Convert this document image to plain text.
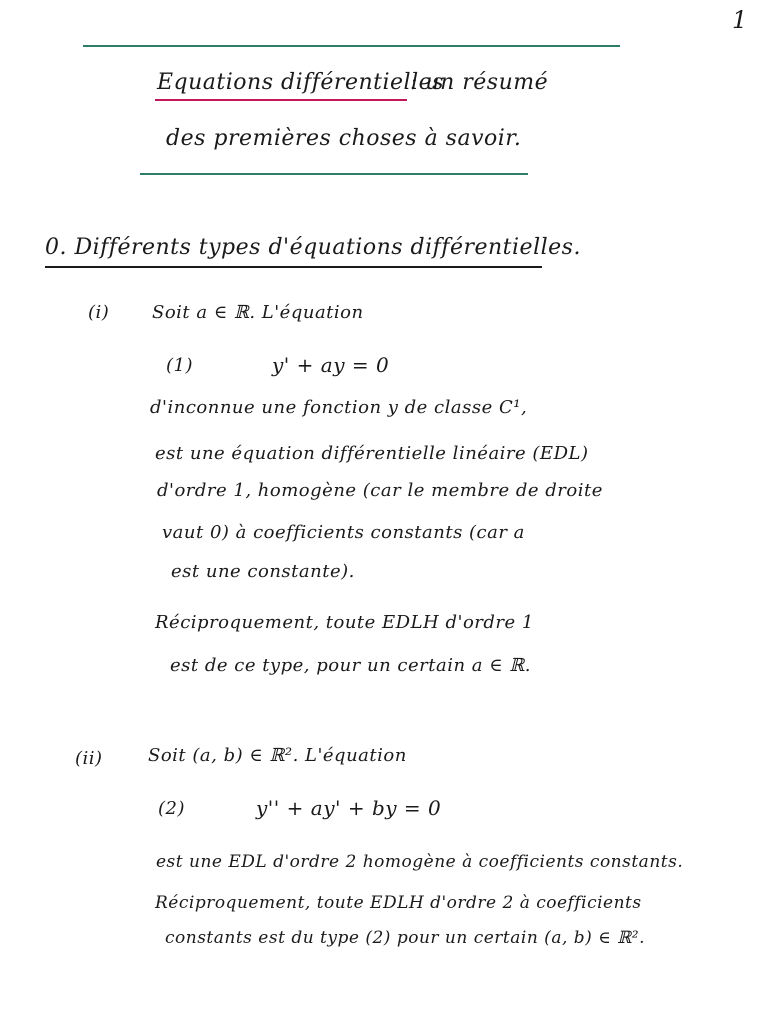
1
Equations différentielles
: un résumé
des premières choses à savoir.
0. Différents types d'équations différentielles.
(i) Soit a ∈ ℝ. L'équation
(1)	y' + ay = 0
d'inconnue une fonction y de classe C¹,
est une équation différentielle linéaire (EDL)
d'ordre 1, homogène (car le membre de droite
vaut 0) à coefficients constants (car a
est une constante).
Réciproquement, toute EDLH d'ordre 1
est de ce type, pour un certain a ∈ ℝ.
(ii)	Soit (a, b) ∈ ℝ². L'équation
(2)	y'' + ay' + by = 0
est une EDL d'ordre 2 homogène à coefficients constants.
Réciproquement, toute EDLH d'ordre 2 à coefficients
constants est du type (2) pour un certain (a, b) ∈ ℝ².
